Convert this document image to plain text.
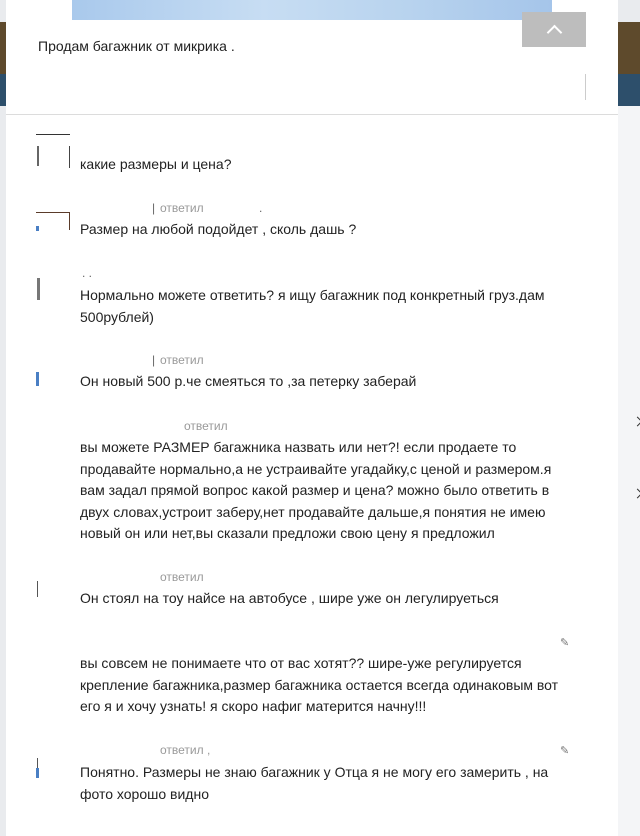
Продам багажник от микрика .

какие размеры и цена?

| ответил	.

Размер на любой подойдет , сколь дашь ?

. .

Нормально можете ответить? я ищу багажник под конкретный груз.дам 500рублей)

| ответил

Он новый 500 р.че смеяться то ,за петерку заберай

ответил

вы можете РАЗМЕР багажника назвать или нет?! если продаете то продавайте нормально,а не устраивайте угадайку,с ценой и размером.я вам задал прямой вопрос какой размер и цена? можно было ответить в двух словах,устроит заберу,нет продавайте дальше,я понятия не имею новый он или нет,вы сказали предложи свою цену я предложил

ответил

Он стоял на тоу найсе на автобусе , шире уже он легулируеться

✎

вы совсем не понимаете что от вас хотят?? шире-уже регулируется крепление багажника,размер багажника остается всегда одинаковым вот его я и хочу узнать! я скоро нафиг матерится начну!!!

ответил ,	✎

Понятно. Размеры не знаю багажник у Отца я не могу его замерить , на фото хорошо видно
